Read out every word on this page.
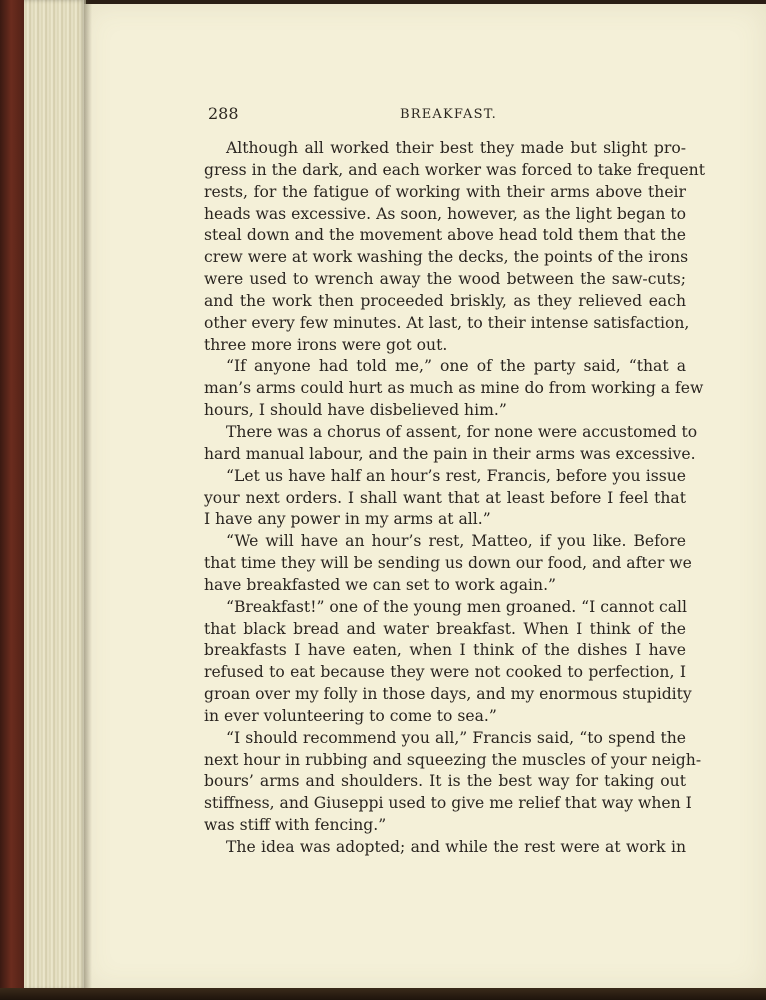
288	BREAKFAST.
Although all worked their best they made but slight pro-
gress in the dark, and each worker was forced to take frequent
rests, for the fatigue of working with their arms above their
heads was excessive. As soon, however, as the light began to
steal down and the movement above head told them that the
crew were at work washing the decks, the points of the irons
were used to wrench away the wood between the saw-cuts;
and the work then proceeded briskly, as they relieved each
other every few minutes. At last, to their intense satisfaction,
three more irons were got out.
“If anyone had told me,” one of the party said, “that a
man’s arms could hurt as much as mine do from working a few
hours, I should have disbelieved him.”
There was a chorus of assent, for none were accustomed to
hard manual labour, and the pain in their arms was excessive.
“Let us have half an hour’s rest, Francis, before you issue
your next orders. I shall want that at least before I feel that
I have any power in my arms at all.”
“We will have an hour’s rest, Matteo, if you like. Before
that time they will be sending us down our food, and after we
have breakfasted we can set to work again.”
“Breakfast!” one of the young men groaned. “I cannot call
that black bread and water breakfast. When I think of the
breakfasts I have eaten, when I think of the dishes I have
refused to eat because they were not cooked to perfection, I
groan over my folly in those days, and my enormous stupidity
in ever volunteering to come to sea.”
“I should recommend you all,” Francis said, “to spend the
next hour in rubbing and squeezing the muscles of your neigh-
bours’ arms and shoulders. It is the best way for taking out
stiffness, and Giuseppi used to give me relief that way when I
was stiff with fencing.”
The idea was adopted; and while the rest were at work in
